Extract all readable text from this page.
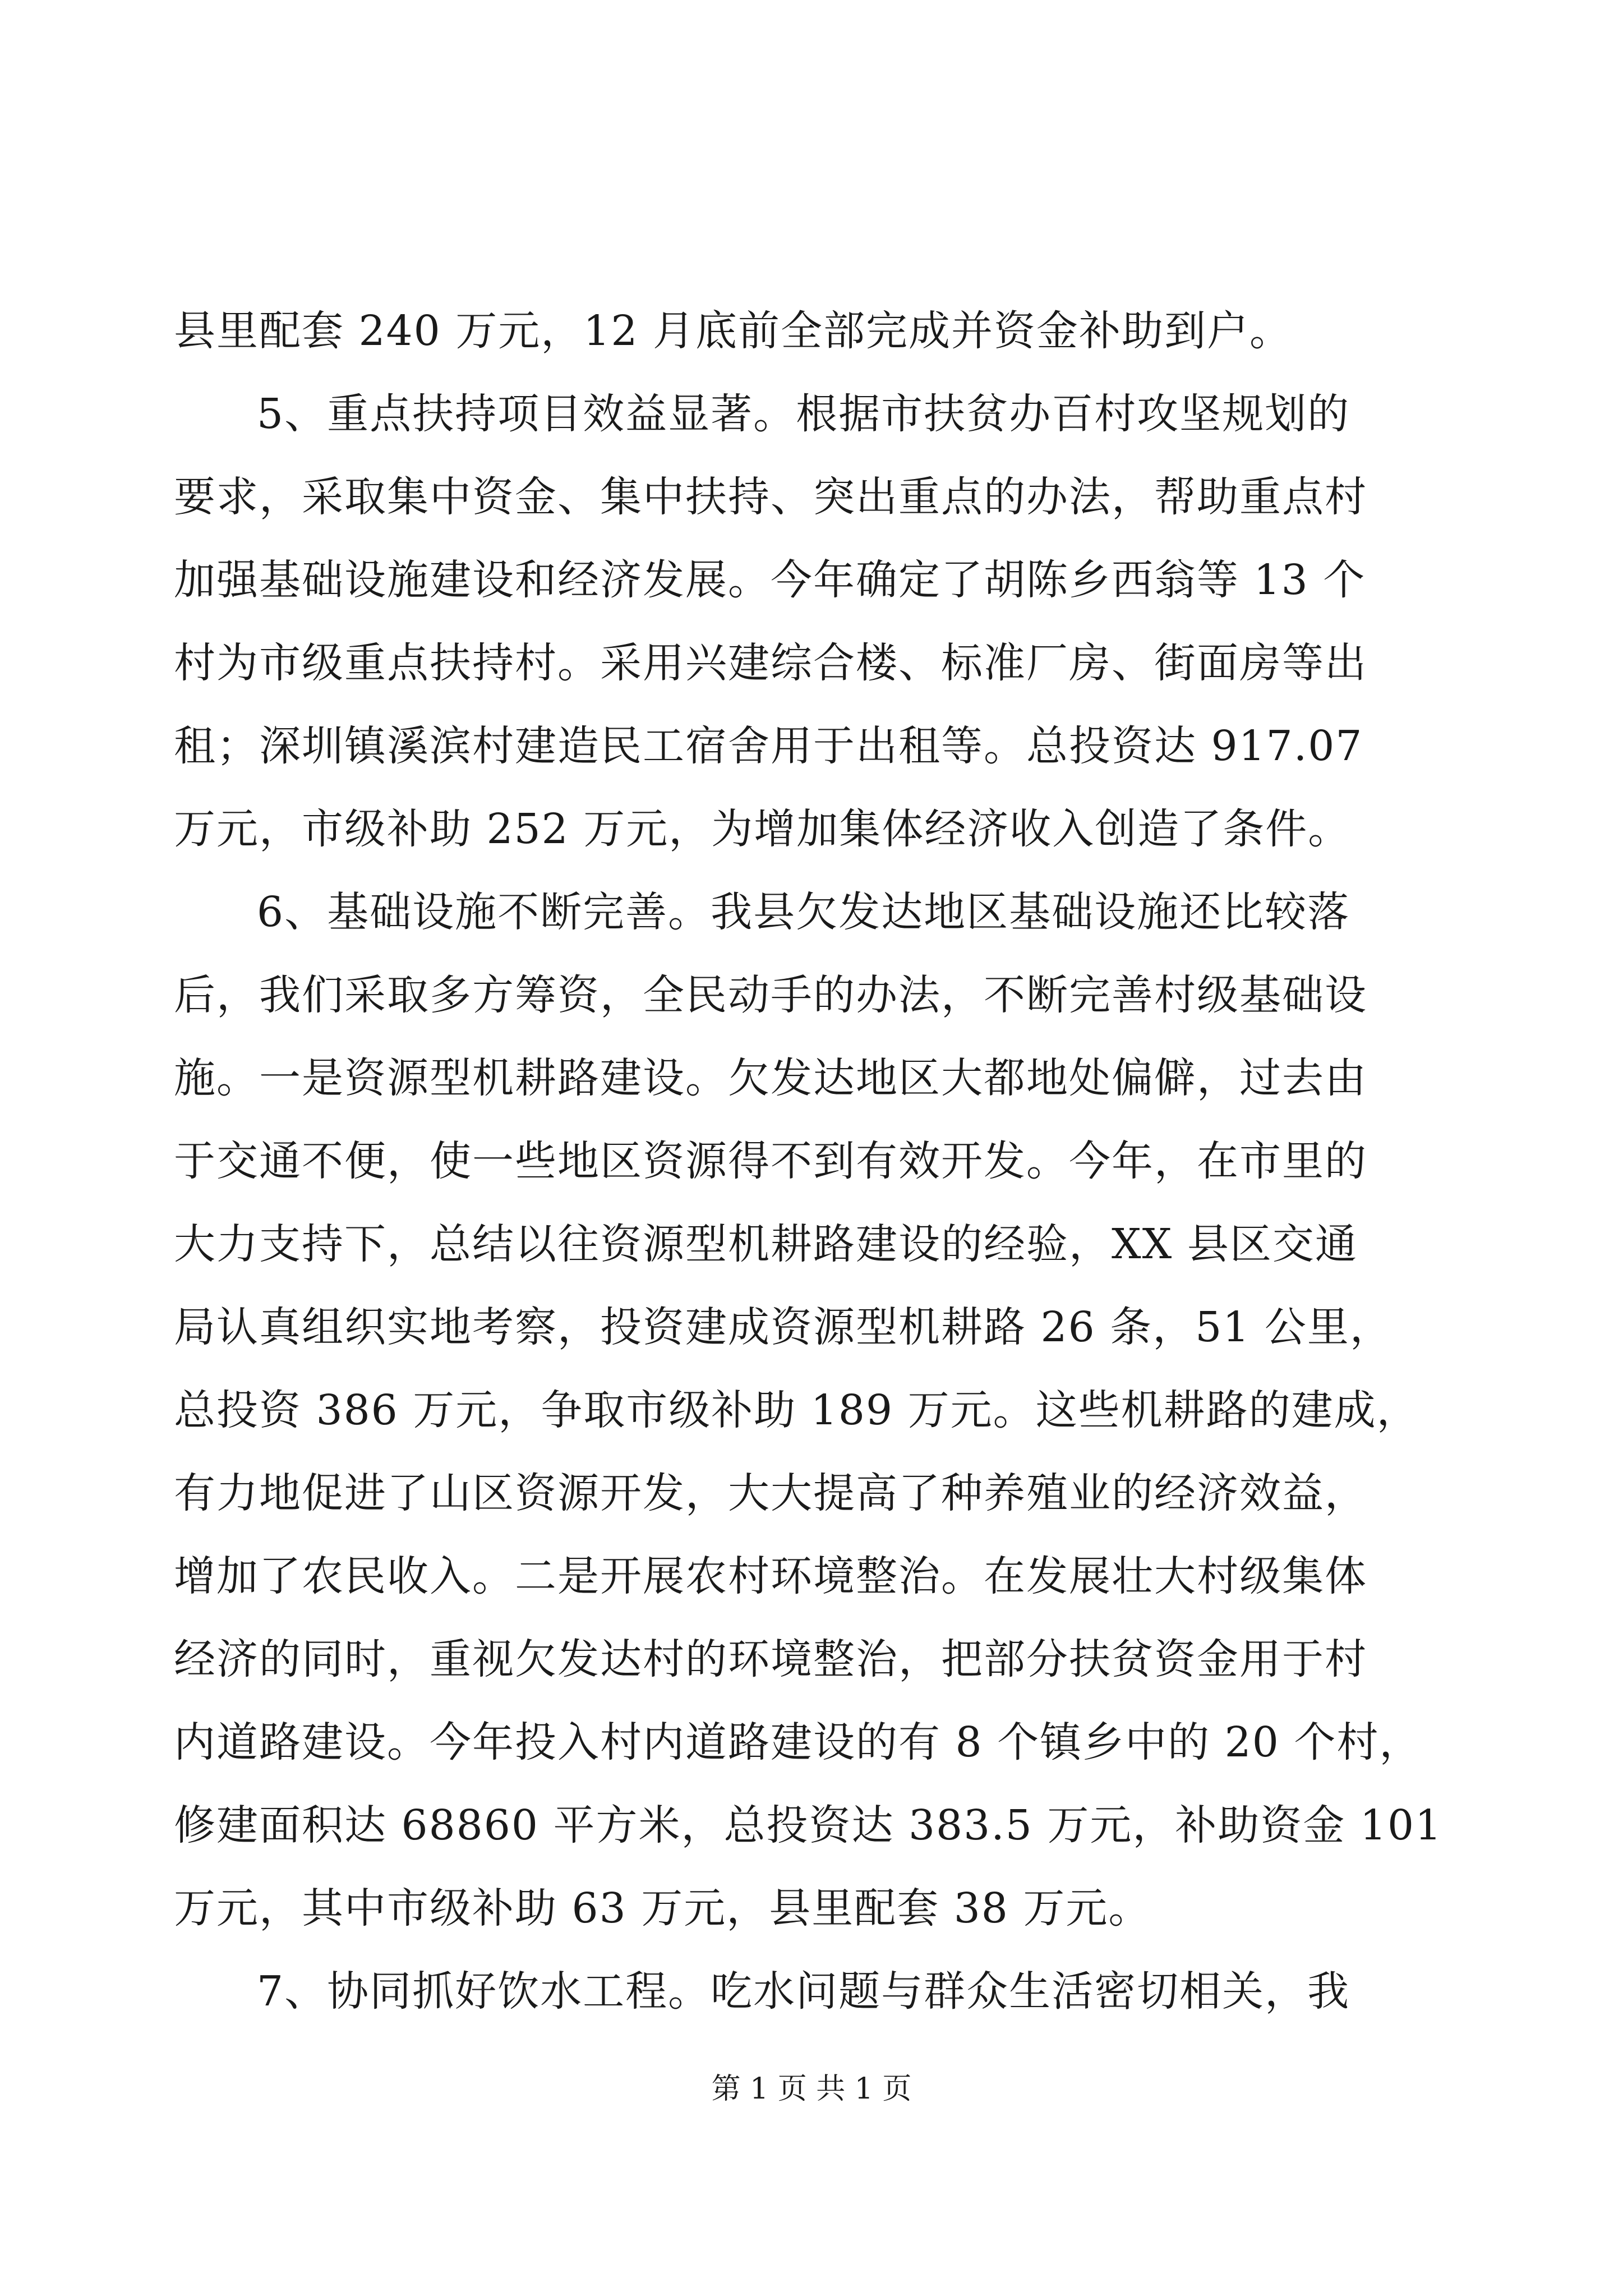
县里配套 240 万元，12 月底前全部完成并资金补助到户。
5、重点扶持项目效益显著。根据市扶贫办百村攻坚规划的
要求，采取集中资金、集中扶持、突出重点的办法，帮助重点村
加强基础设施建设和经济发展。今年确定了胡陈乡西翁等 13 个
村为市级重点扶持村。采用兴建综合楼、标准厂房、街面房等出
租；深圳镇溪滨村建造民工宿舍用于出租等。总投资达 917.07
万元，市级补助 252 万元，为增加集体经济收入创造了条件。
6、基础设施不断完善。我县欠发达地区基础设施还比较落
后，我们采取多方筹资，全民动手的办法，不断完善村级基础设
施。一是资源型机耕路建设。欠发达地区大都地处偏僻，过去由
于交通不便，使一些地区资源得不到有效开发。今年，在市里的
大力支持下，总结以往资源型机耕路建设的经验，XX 县区交通
局认真组织实地考察，投资建成资源型机耕路 26 条，51 公里，
总投资 386 万元，争取市级补助 189 万元。这些机耕路的建成，
有力地促进了山区资源开发，大大提高了种养殖业的经济效益，
增加了农民收入。二是开展农村环境整治。在发展壮大村级集体
经济的同时，重视欠发达村的环境整治，把部分扶贫资金用于村
内道路建设。今年投入村内道路建设的有 8 个镇乡中的 20 个村，
修建面积达 68860 平方米，总投资达 383.5 万元，补助资金 101
万元，其中市级补助 63 万元，县里配套 38 万元。
7、协同抓好饮水工程。吃水问题与群众生活密切相关，我
第 1 页 共 1 页
